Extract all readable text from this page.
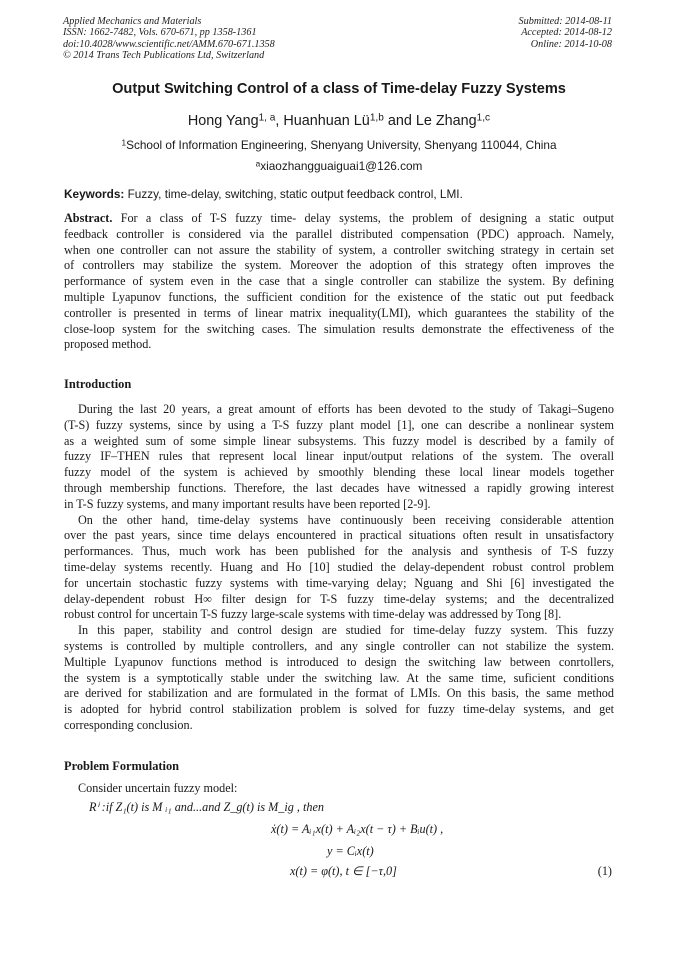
Applied Mechanics and Materials
ISSN: 1662-7482, Vols. 670-671, pp 1358-1361
doi:10.4028/www.scientific.net/AMM.670-671.1358
© 2014 Trans Tech Publications Ltd, Switzerland
Submitted: 2014-08-11
Accepted: 2014-08-12
Online: 2014-10-08
Output Switching Control of a class of Time-delay Fuzzy Systems
Hong Yang$^{1, a}$, Huanhuan Lü$^{1,b}$ and Le Zhang$^{1,c}$
$^1$School of Information Engineering, Shenyang University, Shenyang 110044, China
$^a$xiaozhangguaiguai1@126.com
Keywords: Fuzzy, time-delay, switching, static output feedback control, LMI.
Abstract. For a class of T-S fuzzy time- delay systems, the problem of designing a static output
feedback controller is considered via the parallel distributed compensation (PDC) approach. Namely,
when one controller can not assure the stability of system, a controller switching strategy in certain set
of controllers may stabilize the system. Moreover the adoption of this strategy often improves the
performance of system even in the case that a single controller can stabilize the system. By defining
multiple Lyapunov functions, the sufficient condition for the existence of the static out put feedback
controller is presented in terms of linear matrix inequality(LMI), which guarantees the stability of the
close-loop system for the switching cases. The simulation results demonstrate the effectiveness of the
proposed method.
Introduction
During the last 20 years, a great amount of efforts has been devoted to the study of Takagi–Sugeno
(T-S) fuzzy systems, since by using a T-S fuzzy plant model [1], one can describe a nonlinear system
as a weighted sum of some simple linear subsystems. This fuzzy model is described by a family of
fuzzy IF–THEN rules that represent local linear input/output relations of the system. The overall
fuzzy model of the system is achieved by smoothly blending these local linear models together
through membership functions. Therefore, the last decades have witnessed a rapidly growing interest
in T-S fuzzy systems, and many important results have been reported [2-9].
On the other hand, time-delay systems have continuously been receiving considerable attention
over the past years, since time delays encountered in practical situations often result in unsatisfactory
performances. Thus, much work has been published for the analysis and synthesis of T-S fuzzy
time-delay systems recently. Huang and Ho [10] studied the delay-dependent robust control problem
for uncertain stochastic fuzzy systems with time-varying delay; Nguang and Shi [6] investigated the
delay-dependent robust H∞ filter design for T-S fuzzy time-delay systems; and the decentralized
robust control for uncertain T-S fuzzy large-scale systems with time-delay was addressed by Tong [8].
In this paper, stability and control design are studied for time-delay fuzzy system. This fuzzy
systems is controlled by multiple controllers, and any single controller can not stabilize the system.
Multiple Lyapunov functions method is introduced to design the switching law between conrtollers,
the system is a symptotically stable under the switching law. At the same time, suficient conditions
are derived for stabilization and are formulated in the format of LMIs. On this basis, the same method
is adopted for hybrid control stabilization problem is solved for fuzzy time-delay systems, and get
corresponding conclusion.
Problem Formulation
Consider uncertain fuzzy model:
Rⁱ :if Z₁(t) is M ᵢ₁ and...and Z_g(t) is M_ig , then
ẋ(t) = Aᵢ₁x(t) + Aᵢ₂x(t − τ) + Bᵢu(t) ,
y = Cᵢx(t)
x(t) = φ(t), t ∈ [−τ,0]	(1)
